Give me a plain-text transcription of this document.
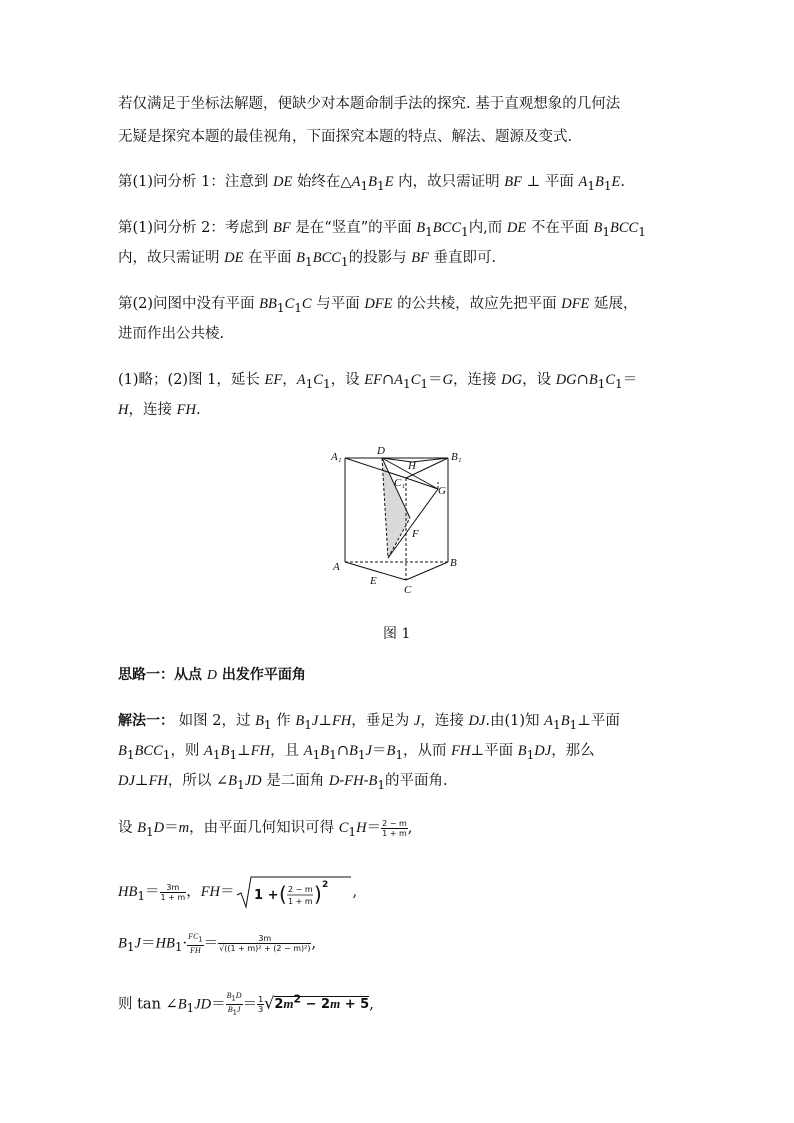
若仅满足于坐标法解题，便缺少对本题命制手法的探究. 基于直观想象的几何法
无疑是探究本题的最佳视角，下面探究本题的特点、解法、题源及变式.
第(1)问分析 1：注意到 DE 始终在$\triangle A_1B_1E$ 内，故只需证明 BF ⊥ 平面 $A_1B_1E$.
第(1)问分析 2：考虑到 BF 是在“竖直”的平面 $B_1BCC_1$内,而 DE 不在平面 $B_1BCC_1$
内，故只需证明 DE 在平面 $B_1BCC_1$的投影与 BF 垂直即可.
第(2)问图中没有平面 $BB_1C_1C$ 与平面 DFE 的公共棱，故应先把平面 DFE 延展，
进而作出公共棱.
(1)略；(2)图 1，延长 EF，$A_1C_1$，设 $EF\cap A_1C_1=G$，连接 DG，设 $DG\cap B_1C_1=$
H，连接 FH.
A₁	D
H
B₁
C₁
G
F
A
E
B
C
图 1
思路一：从点 D 出发作平面角
解法一： 如图 2，过 $B_1$ 作 $B_1J\perp FH$，垂足为 J，连接 DJ.由(1)知 $A_1B_1\perp$平面
$B_1BCC_1$，则 $A_1B_1\perp FH$，且 $A_1B_1\cap B_1J=B_1$，从而 FH⊥平面 $B_1DJ$，那么
DJ⊥FH，所以 $\angle B_1JD$ 是二面角 $D-FH-B_1$的平面角.
设 $B_1D=m$，由平面几何知识可得 $C_1H= \frac{2 - m}{1 + m}$ ,
$HB_1= \frac{3m}{1 + m}$ ，FH＝ 1 + ( 2 − m
1 + m ) 2 ,
$B_1J=HB_1\cdot \frac{FC_1}{FH} = \frac{3m}{\text{√((1 + m)² + (2 − m)²)}}$ ,
则 $\tan \angle B_1JD= \frac{B_1D}{B_1J} = \frac{1}{3} √2m^2 - 2m + 5$,
